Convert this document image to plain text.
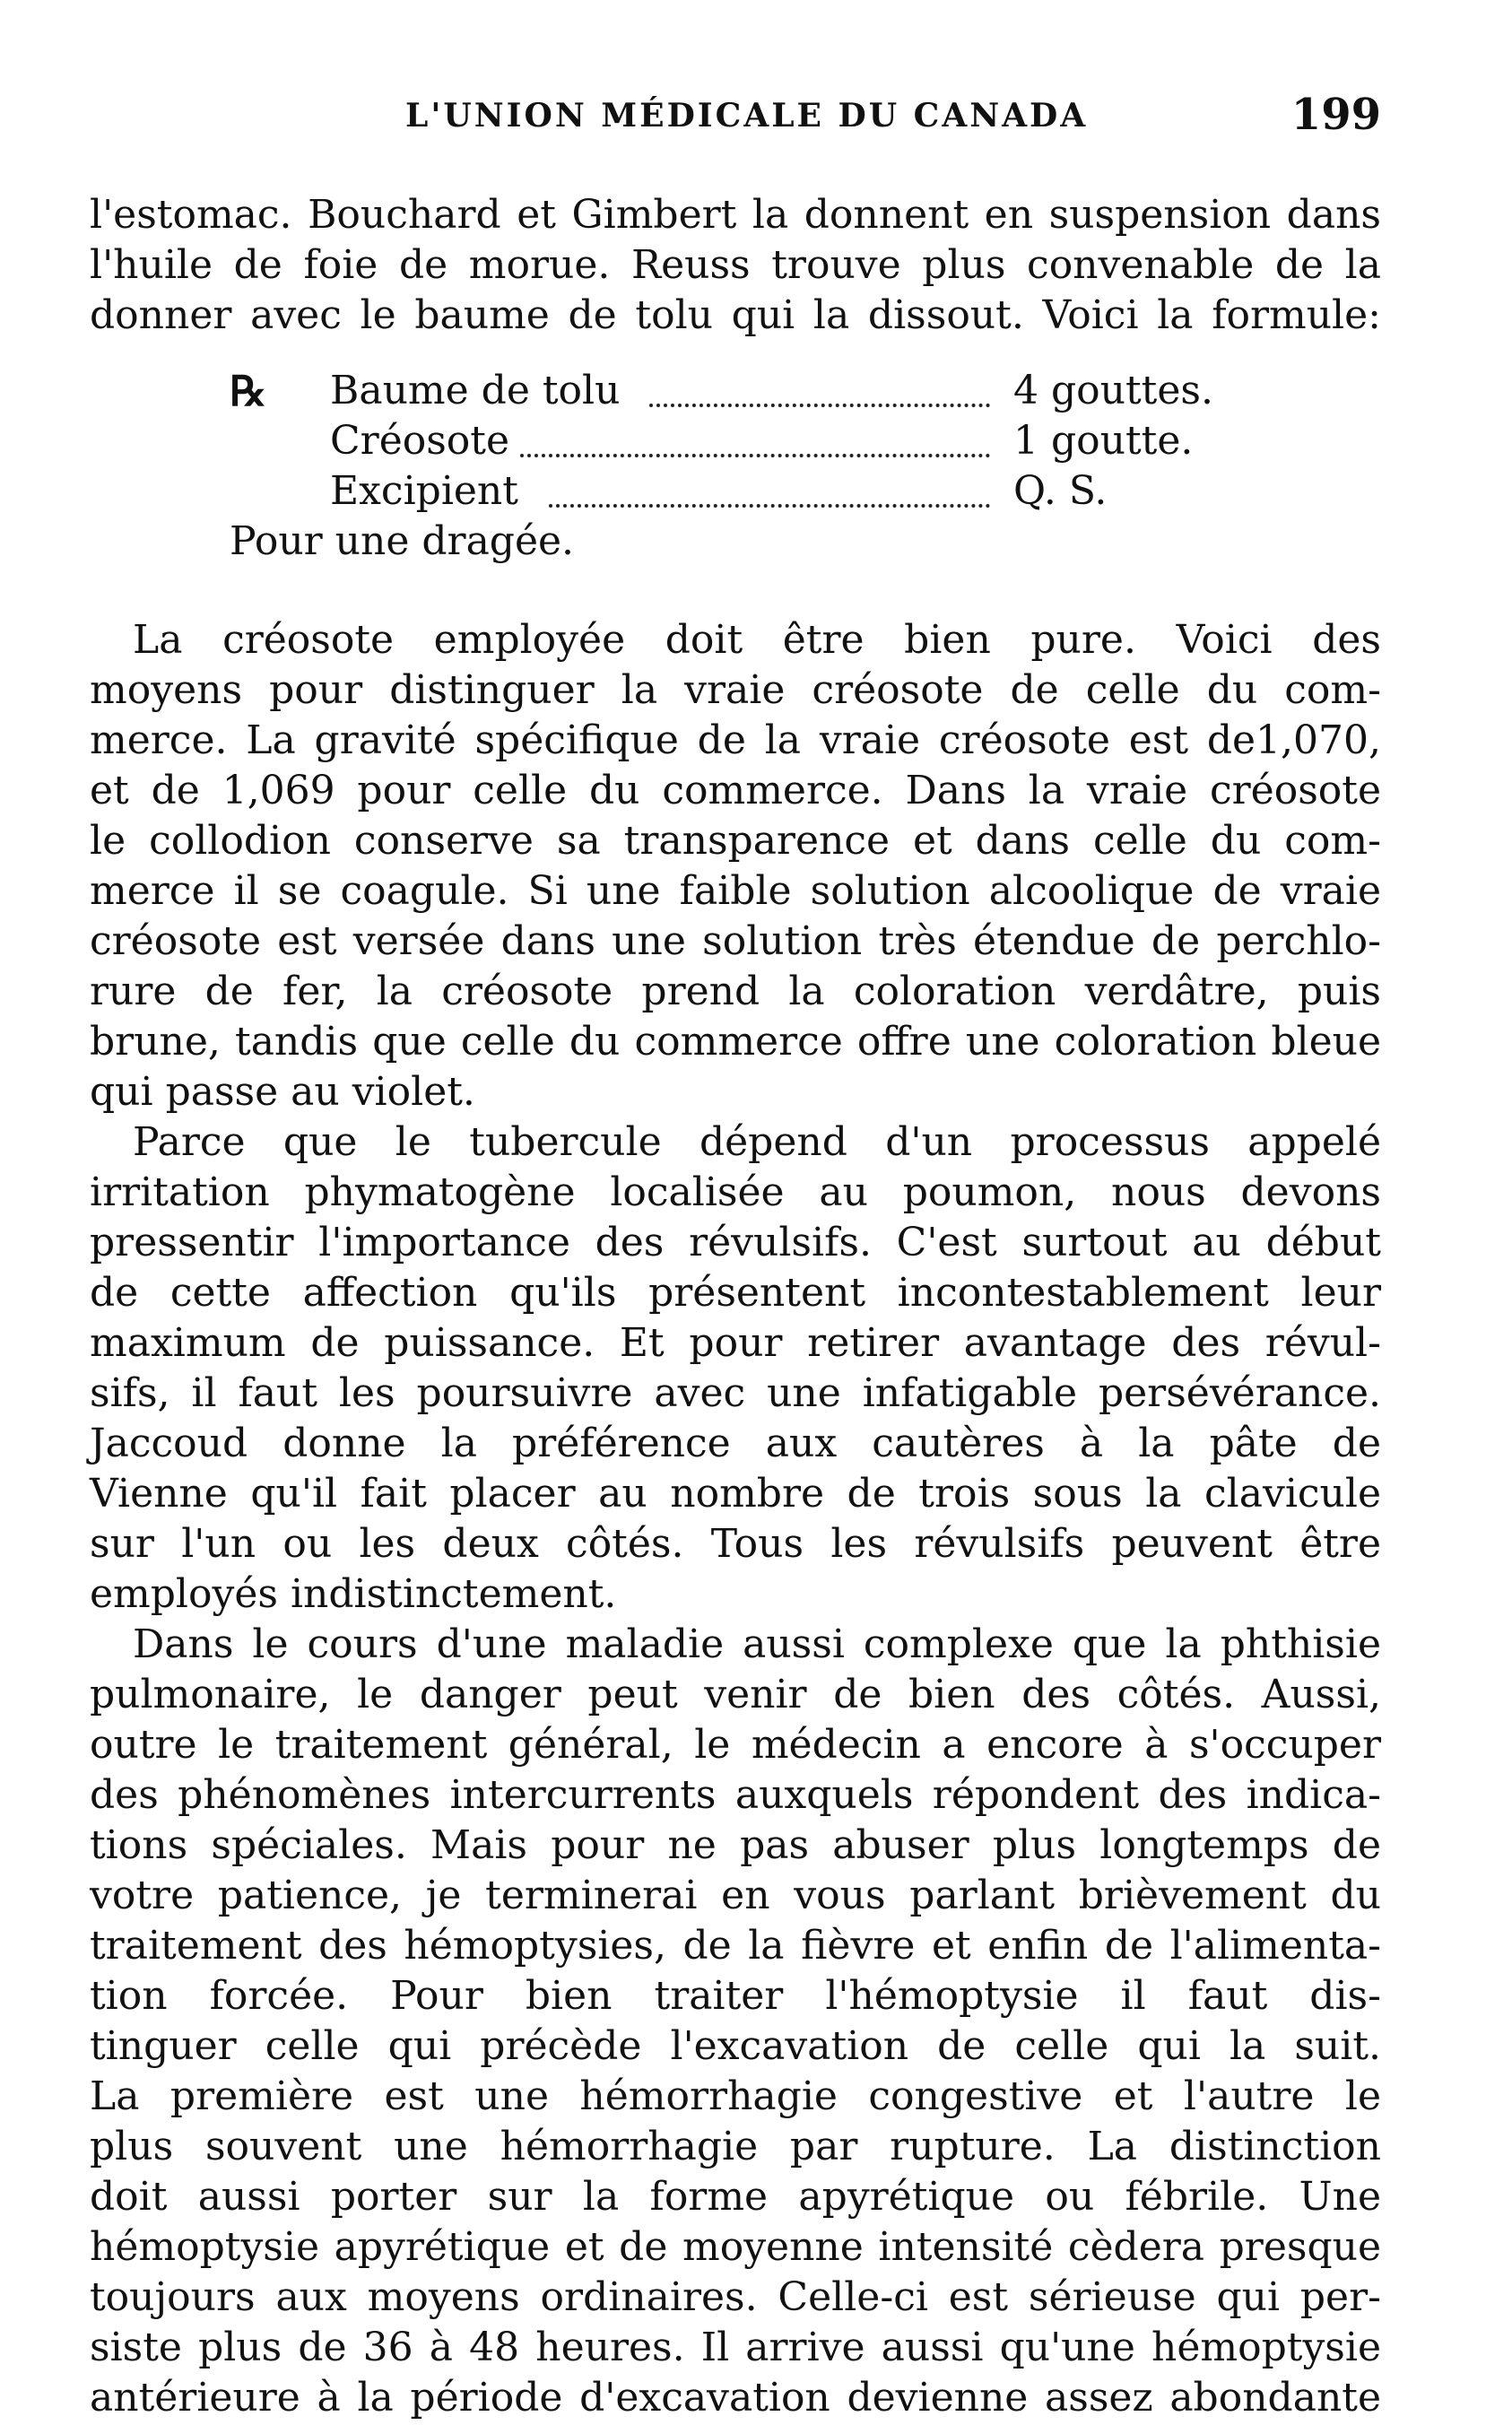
L'UNION MÉDICALE DU CANADA	199
l'estomac. Bouchard et Gimbert la donnent en suspension dans
l'huile de foie de morue. Reuss trouve plus convenable de la
donner avec le baume de tolu qui la dissout. Voici la formule:
℞ Baume de tolu	4 gouttes.
Créosote	1 goutte.
Excipient	Q. S.
Pour une dragée.
La créosote employée doit être bien pure. Voici des
moyens pour distinguer la vraie créosote de celle du com-
merce. La gravité spécifique de la vraie créosote est de1,070,
et de 1,069 pour celle du commerce. Dans la vraie créosote
le collodion conserve sa transparence et dans celle du com-
merce il se coagule. Si une faible solution alcoolique de vraie
créosote est versée dans une solution très étendue de perchlo-
rure de fer, la créosote prend la coloration verdâtre, puis
brune, tandis que celle du commerce offre une coloration bleue
qui passe au violet.
Parce que le tubercule dépend d'un processus appelé
irritation phymatogène localisée au poumon, nous devons
pressentir l'importance des révulsifs. C'est surtout au début
de cette affection qu'ils présentent incontestablement leur
maximum de puissance. Et pour retirer avantage des révul-
sifs, il faut les poursuivre avec une infatigable persévérance.
Jaccoud donne la préférence aux cautères à la pâte de
Vienne qu'il fait placer au nombre de trois sous la clavicule
sur l'un ou les deux côtés. Tous les révulsifs peuvent être
employés indistinctement.
Dans le cours d'une maladie aussi complexe que la phthisie
pulmonaire, le danger peut venir de bien des côtés. Aussi,
outre le traitement général, le médecin a encore à s'occuper
des phénomènes intercurrents auxquels répondent des indica-
tions spéciales. Mais pour ne pas abuser plus longtemps de
votre patience, je terminerai en vous parlant brièvement du
traitement des hémoptysies, de la fièvre et enfin de l'alimenta-
tion forcée. Pour bien traiter l'hémoptysie il faut dis-
tinguer celle qui précède l'excavation de celle qui la suit.
La première est une hémorrhagie congestive et l'autre le
plus souvent une hémorrhagie par rupture. La distinction
doit aussi porter sur la forme apyrétique ou fébrile. Une
hémoptysie apyrétique et de moyenne intensité cèdera presque
toujours aux moyens ordinaires. Celle-ci est sérieuse qui per-
siste plus de 36 à 48 heures. Il arrive aussi qu'une hémoptysie
antérieure à la période d'excavation devienne assez abondante
